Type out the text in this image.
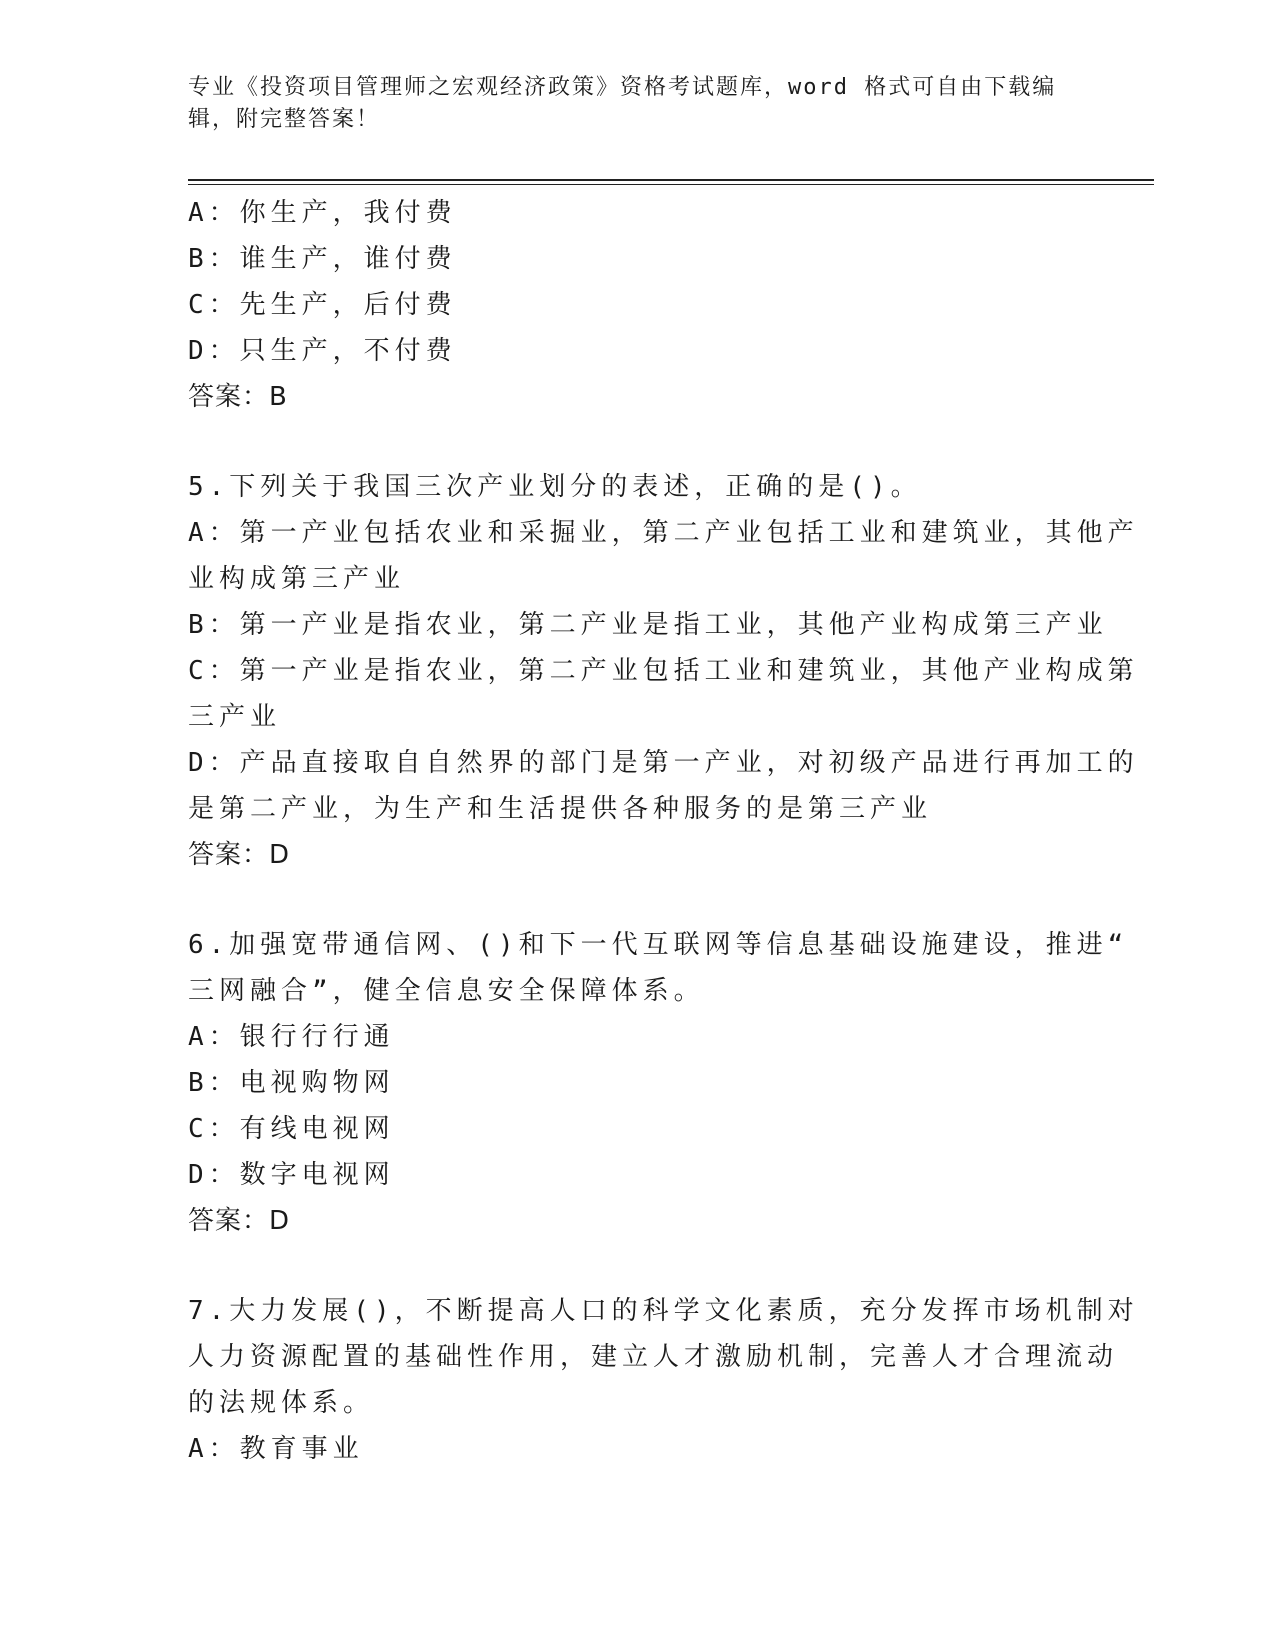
专业《投资项目管理师之宏观经济政策》资格考试题库，word 格式可自由下载编
辑，附完整答案！
A：你生产，我付费
B：谁生产，谁付费
C：先生产，后付费
D：只生产，不付费
答案：B
5.下列关于我国三次产业划分的表述，正确的是()。
A：第一产业包括农业和采掘业，第二产业包括工业和建筑业，其他产
业构成第三产业
B：第一产业是指农业，第二产业是指工业，其他产业构成第三产业
C：第一产业是指农业，第二产业包括工业和建筑业，其他产业构成第
三产业
D：产品直接取自自然界的部门是第一产业，对初级产品进行再加工的
是第二产业，为生产和生活提供各种服务的是第三产业
答案：D
6.加强宽带通信网、()和下一代互联网等信息基础设施建设，推进“
三网融合”，健全信息安全保障体系。
A：银行行行通
B：电视购物网
C：有线电视网
D：数字电视网
答案：D
7.大力发展()，不断提高人口的科学文化素质，充分发挥市场机制对
人力资源配置的基础性作用，建立人才激励机制，完善人才合理流动
的法规体系。
A：教育事业
